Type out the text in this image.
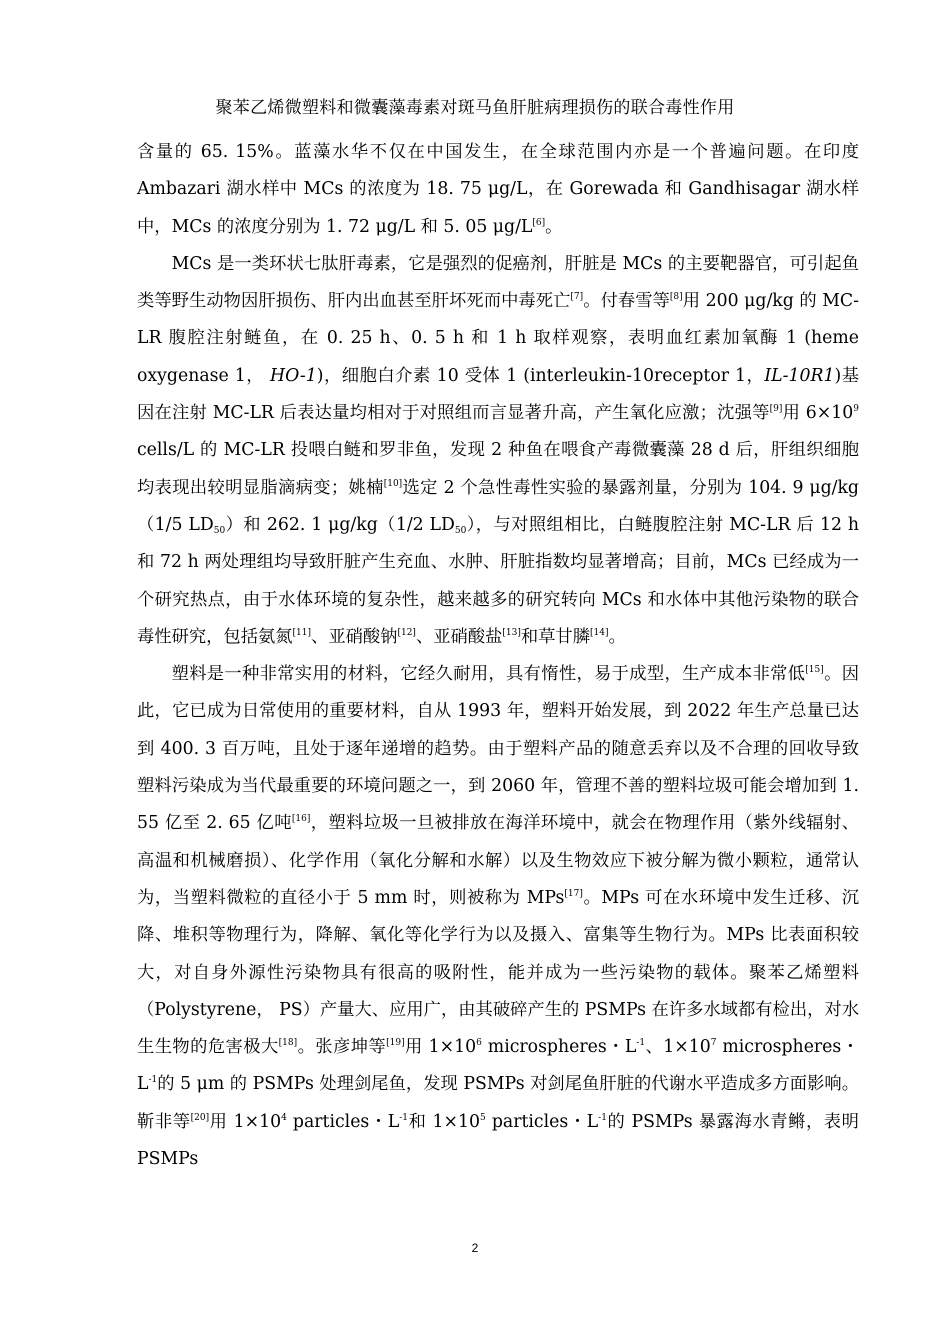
聚苯乙烯微塑料和微囊藻毒素对斑马鱼肝脏病理损伤的联合毒性作用

含量的 65. 15%。蓝藻水华不仅在中国发生，在全球范围内亦是一个普遍问题。在印度 Ambazari 湖水样中 MCs 的浓度为 18. 75 μg/L，在 Gorewada 和 Gandhisagar 湖水样中，MCs 的浓度分别为 1. 72 μg/L 和 5. 05 μg/L[6]。

MCs 是一类环状七肽肝毒素，它是强烈的促癌剂，肝脏是 MCs 的主要靶器官，可引起鱼类等野生动物因肝损伤、肝内出血甚至肝坏死而中毒死亡[7]。付春雪等[8]用 200 μg/kg 的 MC-LR 腹腔注射鲢鱼，在 0. 25 h、0. 5 h 和 1 h 取样观察，表明血红素加氧酶 1 (heme oxygenase 1， HO-1)，细胞白介素 10 受体 1 (interleukin-10receptor 1，IL-10R1)基因在注射 MC-LR 后表达量均相对于对照组而言显著升高，产生氧化应激；沈强等[9]用 $6\times 10^9$ cells/L 的 MC-LR 投喂白鲢和罗非鱼，发现 2 种鱼在喂食产毒微囊藻 28 d 后，肝组织细胞均表现出较明显脂滴病变；姚楠[10]选定 2 个急性毒性实验的暴露剂量，分别为 104. 9 μg/kg（1/5 $LD_{50}$）和 262. 1 μg/kg（1/2 $LD_{50}$），与对照组相比，白鲢腹腔注射 MC-LR 后 12 h 和 72 h 两处理组均导致肝脏产生充血、水肿、肝脏指数均显著增高；目前，MCs 已经成为一个研究热点，由于水体环境的复杂性，越来越多的研究转向 MCs 和水体中其他污染物的联合毒性研究，包括氨氮[11]、亚硝酸钠[12]、亚硝酸盐[13]和草甘膦[14]。

塑料是一种非常实用的材料，它经久耐用，具有惰性，易于成型，生产成本非常低[15]。因此，它已成为日常使用的重要材料，自从 1993 年，塑料开始发展，到 2022 年生产总量已达到 400. 3 百万吨，且处于逐年递增的趋势。由于塑料产品的随意丢弃以及不合理的回收导致塑料污染成为当代最重要的环境问题之一，到 2060 年，管理不善的塑料垃圾可能会增加到 1. 55 亿至 2. 65 亿吨[16]，塑料垃圾一旦被排放在海洋环境中，就会在物理作用（紫外线辐射、高温和机械磨损）、化学作用（氧化分解和水解）以及生物效应下被分解为微小颗粒，通常认为，当塑料微粒的直径小于 5 mm 时，则被称为 MPs[17]。MPs 可在水环境中发生迁移、沉降、堆积等物理行为，降解、氧化等化学行为以及摄入、富集等生物行为。MPs 比表面积较大，对自身外源性污染物具有很高的吸附性，能并成为一些污染物的载体。聚苯乙烯塑料（Polystyrene， PS）产量大、应用广，由其破碎产生的 PSMPs 在许多水域都有检出，对水生生物的危害极大[18]。张彦坤等[19]用 $1\times 10^6$ microspheres・$L^{-1}$、$1\times 10^7$ microspheres・$L^{-1}$的 5 μm 的 PSMPs 处理剑尾鱼，发现 PSMPs 对剑尾鱼肝脏的代谢水平造成多方面影响。靳非等[20]用 $1\times 10^4$ particles・$L^{-1}$和 $1\times 10^5$ particles・$L^{-1}$的 PSMPs 暴露海水青鳉，表明 PSMPs

2
